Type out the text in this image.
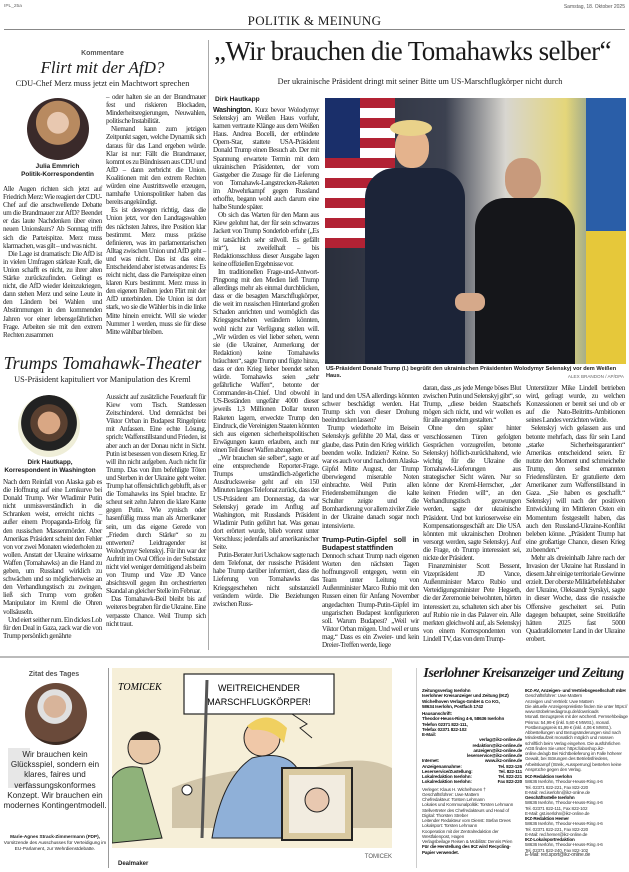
IPL_25a	Samstag, 18. Oktober 2025
POLITIK & MEINUNG
Kommentare
Flirt mit der AfD?
CDU-Chef Merz muss jetzt ein Machtwort sprechen
Julia Emmrich
Politik-Korrespondentin

Alle Augen richten sich jetzt auf Friedrich Merz: Wie reagiert der CDU-Chef auf die anschwellende Debatte um die Brandmauer zur AfD? Beendet er das laute Nachdenken über einen neuen Unionskurs? Ab Sonntag trifft sich die Parteispitze. Merz muss klarmachen, was gilt – und was nicht.

Die Lage ist dramatisch: Die AfD ist in vielen Umfragen stärkste Kraft, die Union schafft es nicht, zu ihrer alten Stärke zurückzufinden. Gelingt es nicht, die AfD wieder kleinzukriegen, dann stehen Merz und seine Leute in den Ländern bei Wahlen und Abstimmungen in den kommenden Jahren vor einer lebensgefährlichen Frage. Arbeiten sie mit den extrem Rechten zusammen

– oder halten sie an der Brandmauer fest und riskieren Blockaden, Minderheitsregierungen, Neuwahlen, politische Instabilität.

Niemand kann zum jetzigen Zeitpunkt sagen, welche Dynamik sich daraus für das Land ergeben würde. Klar ist nur: Fällt die Brandmauer, kommt es zu Bündnissen aus CDU und AfD – dann zerbricht die Union. Koalitionen mit den extrem Rechten würden eine Austrittswelle erzeugen, namhafte Unionspolitiker haben das bereits angekündigt.

Es ist deswegen richtig, dass die Union jetzt, vor den Landtagswahlen des nächsten Jahres, ihre Position klar bestimmt. Merz muss präzise definieren, was im parlamentarischen Alltag zwischen Union und AfD geht – und was nicht. Das ist das eine. Entscheidend aber ist etwas anderes: Es reicht nicht, dass die Parteispitze einen klaren Kurs bestimmt. Merz muss in den eigenen Reihen jeden Flirt mit der AfD unterbinden. Die Union ist dort stark, wo sie die Wähler bis in die linke Mitte hinein erreicht. Will sie wieder Nummer 1 werden, muss sie für diese Mitte wählbar bleiben.

Trumps Tomahawk-Theater
US-Präsident kapituliert vor Manipulation des Kreml
Dirk Hautkapp,
Korrespondent in Washington

Nach dem Reinfall von Alaska gab es die Hoffnung auf eine Lernkurve bei Donald Trump. Wer Wladimir Putin nicht unmissverständlich in die Schranken weist, erreicht nichts – außer einem Propaganda-Erfolg für den russischen Massenmörder. Aber Amerikas Präsident scheint den Fehler von vor zwei Monaten wiederholen zu wollen. Anstatt der Ukraine wirksame Waffen (Tomahawks) an die Hand zu geben, um Russland wirklich zu schwächen und so möglicherweise an den Verhandlungstisch zu zwingen, ließ sich Trump vom großen Manipulator im Kreml die Ohren vollsäuseln.

Und eiert seither rum. Ein dickes Lob für den Deal in Gaza, zack war die von Trump persönlich genährte

Aussicht auf zusätzliche Feuerkraft für Kiew vom Tisch. Stattdessen Zeitschinderei. Und demnächst bei Viktor Orban in Budapest Ringelpietz mit Anfassen. Eine echte Lösung, sprich: Waffenstillstand und Frieden, ist aber auch an der Donau nicht in Sicht. Putin ist besessen von diesem Krieg. Er will ihn nicht aufgeben. Auch nicht für Trump. Das von ihm befehligte Töten und Sterben in der Ukraine geht weiter. Trump hat offensichtlich geblufft, als er die Tomahawks ins Spiel brachte. Er scheut seit zehn Jahren die klare Kante gegen Putin. Wie zynisch oder hasenfüßig muss man als Amerikaner sein, um das eigene Gerede von „Frieden durch Stärke“ so zu entwerten? Leidtragender ist Wolodymyr Selenskyj. Für ihn war der Auftritt im Oval Office in der Substanz nicht viel weniger demütigend als beim von Trump und Vize JD Vance absichtsvoll gegen ihn orchestrierten Skandal an gleicher Stelle im Februar.

Das Tomahawk-Beil bleibt bis auf weiteres begraben für die Ukraine. Eine verpasste Chance. Weil Trump sich nicht traut.

„Wir brauchen die Tomahawks selber“
Der ukrainische Präsident dringt mit seiner Bitte um US-Marschflugkörper nicht durch
Dirk Hautkapp

Washington. Kurz bevor Wolodymyr Selenskyj am Weißen Haus vorfuhr, kamen vertraute Klänge aus dem Weißen Haus. Andrea Bocelli, der erblindete Opern-Star, stattete USA-Präsident Donald Trump einen Besuch ab. Der mit Spannung erwartete Termin mit dem ukrainischen Präsidenten, der vom Gastgeber die Zusage für die Lieferung von Tomahawk-Langstrecken-Raketen im Abwehrkampf gegen Russland erhoffte, begann wohl auch darum eine halbe Stunde später.

Ob sich das Warten für den Mann aus Kiew gelohnt hat, der für sein schwarzes Jackett von Trump Sonderlob erfuhr („Es ist tatsächlich sehr stilvoll. Es gefällt mir“), ist zweifelhaft – bis Redaktionsschluss dieser Ausgabe lagen keine offiziellen Ergebnisse vor.

Im traditionellen Frage-und-Antwort-Pingpong mit den Medien ließ Trump allerdings mehr als einmal durchblicken, dass er die besagten Marschflugkörper, die weit im russischen Hinterland großen Schaden anrichten und womöglich das Kriegsgeschehen verändern könnten, wohl nicht zur Verfügung stellen will. „Wir würden es viel lieber sehen, wenn sie (die Ukrainer, Anmerkung der Redaktion) keine Tomahawks bräuchten“, sagte Trump und fügte hinzu, dass er den Krieg lieber beendet sehen würde. Tomahawks seien „sehr gefährliche Waffen“, betonte der Commander-in-Chief. Und obwohl in US-Beständen ungefähr 4000 dieser jeweils 1,3 Millionen Dollar teuren Raketen lagern, erweckte Trump den Eindruck, die Vereinigten Staaten könnten sich aus eigenen sicherheitspolitischen Erwägungen kaum erlauben, auch nur einen Teil dieser Waffen abzugeben.

„Wir brauchen sie selber“, sagte er auf eine entsprechende Reporter-Frage. Trumps umständlich-zögerliche Ausdrucksweise geht auf ein 150 Minuten langes Telefonat zurück, dass der US-Präsident am Donnerstag, da war Selenskyj gerade im Anflug auf Washington, mit Russlands Präsident Wladimir Putin geführt hat. Was genau dort erörtert wurde, blieb vorerst unter Verschluss; jedenfalls auf amerikanischer Seite.

Putin-Berater Juri Uschakow sagte nach dem Telefonat, der russische Präsident habe Trump darüber informiert, dass die Lieferung von Tomahawks das Kriegsgeschehen nicht substanziell verändern würde. Die Beziehungen zwischen Russ-

US-Präsident Donald Trump (l.) begrüßt den ukrainischen Präsidenten Wolodymyr Selenskyj vor dem Weißen Haus.	ALEX BRANDON / AP/DPA

land und den USA allerdings könnten schwer beschädigt werden. Hat Trump sich von dieser Drohung beeindrucken lassen?

Trump wiederholte im Beisein Selenskyjs gefühlte 20 Mal, dass er glaube, dass Putin den Krieg wirklich beenden wolle. Indizien? Keine. So war es auch vor und nach dem Alaska-Gipfel Mitte August, der Trump überwiegend miserable Noten einbrachte. Weil Putin allen Friedensbemühungen die kalte Schulter zeigte und die Bombardierung vor allem ziviler Ziele in der Ukraine danach sogar noch intensivierte.

Trump-Putin-Gipfel soll in Budapest stattfinden

Dennoch schaut Trump nach eigenen Worten den nächsten Tagen hoffnungsvoll entgegen, wenn ein Team unter Leitung von Außenminister Marco Rubio mit den Russen einen für Anfang November angedachten Trump-Putin-Gipfel im ungarischen Budapest konfigurieren soll. Warum Budapest? „Weil wir Viktor Orban mögen. Und weil er uns mag.“ Dass es ein Zweier- und kein Dreier-Treffen werde, liege

daran, dass „es jede Menge böses Blut zwischen Putin und Selenskyj gibt“, so Trump, „diese beiden Staatschefs mögen sich nicht, und wir wollen es für alle angenehm gestalten.“

Ohne den später hinter verschlossenen Türen gefolgten Gesprächen vorzugreifen, betonte Selenskyj höflich-zurückhaltend, wie wichtig für die Ukraine die Tomahawk-Lieferungen aus strategischer Sicht wären. Nur so könne der Kreml-Herrscher, „der keinen Frieden will“, an den Verhandlungstisch gezwungen werden, sagte der ukrainische Präsident. Und bot kurioserweise ein Kompensationsgeschäft an: Die USA könnten mit ukrainischen Drohnen versorgt werden, sagte Selenskyj. Auf die Frage, ob Trump interessiert sei, nickte der Präsident.

Finanzminister Scott Bessent, Vizepräsident JD Vance, Außenminister Marco Rubio und Verteidigungsminister Pete Hegseth, die der Zeremonie beiwohnten, hörten interessiert zu, schalteten sich aber bis auf Rubio nie in das Palaver ein. Alle merkten gleichwohl auf, als Selenskyj von einem Korrespondenten von Lindell TV, das von dem Trump-

Unterstützer Mike Lindell betrieben wird, gefragt wurde, zu welchen Konzessionen er bereit sei und ob er auf die Nato-Beitritts-Ambitionen seines Landes verzichten würde.

Selenskyj wich gelassen aus und betonte mehrfach, dass für sein Land „starke Sicherheitsgarantien“ Amerikas entscheidend seien. Er nutzte den Moment und schmeichelte Trump, den selbst ernannten Friedensfürsten. Er gratulierte dem Amerikaner zum Waffenstillstand in Gaza. „Sie haben es geschafft.“ Selenskyj will nach der positiven Entwicklung im Mittleren Osten ein Momentum festgestellt haben, das auch den Russland-Ukraine-Konflikt beleben könne. „Präsident Trump hat eine großartige Chance, diesen Krieg zu beenden.“

Mehr als dreieinhalb Jahre nach der Invasion der Ukraine hat Russland in diesem Jahr einige territoriale Gewinne erzielt. Der oberste Militärbefehlshaber der Ukraine, Oleksandr Syrskyi, sagte in dieser Woche, dass die russische Offensive gescheitert sei. Putin dagegen behauptet, seine Streitkräfte hätten 2025 fast 5000 Quadratkilometer Land in der Ukraine erobert.

Zitat des Tages
Wir brauchen kein Glücksspiel, sondern ein klares, faires und verfassungskonformes Konzept. Wir brauchen ein modernes Kontingentmodell.
Marie-Agnes Strack-Zimmermann (FDP), Vorsitzende des Ausschusses für Verteidigung im EU-Parlament, zur Wehrdienstdebatte.
WEITREICHENDER
MARSCHFLUGKÖRPER!
TOMICEK
TOMICEK
Dealmaker
Iserlohner Kreisanzeiger und Zeitung
Zeitungsverlag Iserlohn
Iserlohner Kreisanzeiger und Zeitung (IKZ)
Wichelhoven Verlags-GmbH & Co KG,
58634 Iserlohn, Postfach 1742
Hausanschrift:
Theodor-Heuss-Ring 4-6, 58636 Iserlohn
Telefon 02371 822-111,
Telefax 02371 822-102
E-Mail:
verlag@ikz-online.de
redaktion@ikz-online.de
anzeigen@ikz-online.de
leserservice@ikz-online.de
Internet:	www.ikz-online.de
Anzeigenannahme:	Tel. 822-126
Leserservice/Zustellung:	Tel. 822-111
Lokalredaktion Iserlohn:	Tel. 822-221
Lokalredaktion Iserlohn:	Fax 822-220
Verleger: Klaus H. Wichelhoven †
Geschäftsführer: Uwe Mattern
Chefredakteur: Torsten Lehmann
Lokales und Kommunalpolitik: Torsten Lehmann
Stellvertreter des Chefredakteurs und Head of Digital: Thorsten Streber
Leitender Redakteur vom Dienst: Stefan Drees
Lokalsport: Torsten Lehmann
Kooperation mit der Zentralredaktion der Westfalenpost, Hagen
Verlagsbeilage Reisen & Mobilität: Dennis Prien
Für die Herstellung des IKZ wird Recycling-Papier verwendet.
IKZ-AV, Anzeigen- und Vertriebsgesellschaft mbH
Geschäftsführer: Uwe Mattern
Anzeigen und Vertrieb: Uwe Mattern
Die aktuelle Anzeigenpreisliste finden Sie unter https://www.strobelmediagroup.de/downloads
Monatl. Bezugspreis mit der wöchentl. Fernsehbeilage Prisma: 54,99 € (inkl. 5,60 € MWSt.), monatl. Postbezugspreis 61,99 € (inkl. 4,06 € MWSt.). Abbestellungen und Bezugsänderungen sind nach Mindestlaufzeit monatlich möglich und müssen schriftlich beim Verlag eingehen. Die ausführlichen AGB finden Sie unter: https://aboshop.ikz-online.de/agb Bei Nichtbelieferung im Falle höherer Gewalt, bei Störungen des Betriebsfriedens, Arbeitskampf (Streik, Aussperrung) bestehen keine Ansprüche gegen den Verlag.
IKZ-Redaktion Iserlohn
58636 Iserlohn, Theodor-Heuss-Ring 4-6
Tel. 02371 822-221, Fax 822-220
E-Mail: red.iserlohn@ikz-online.de
Geschäftsstelle Iserlohn
58636 Iserlohn, Theodor-Heuss-Ring 4-6
Tel. 02371 822-111, Fax 822-102
E-Mail: gst.iserlohn@ikz-online.de
IKZ-Redaktion Hemer
58636 Iserlohn, Theodor-Heuss-Ring 4-6
Tel. 02371 822-221, Fax 822-220
E-Mail: red.hemer@ikz-online.de
IKZ-Lokalsportredaktion
58636 Iserlohn, Theodor-Heuss-Ring 4-6
Tel. 02371 822-240, Fax 822-102
E-Mail: red.sport@ikz-online.de
